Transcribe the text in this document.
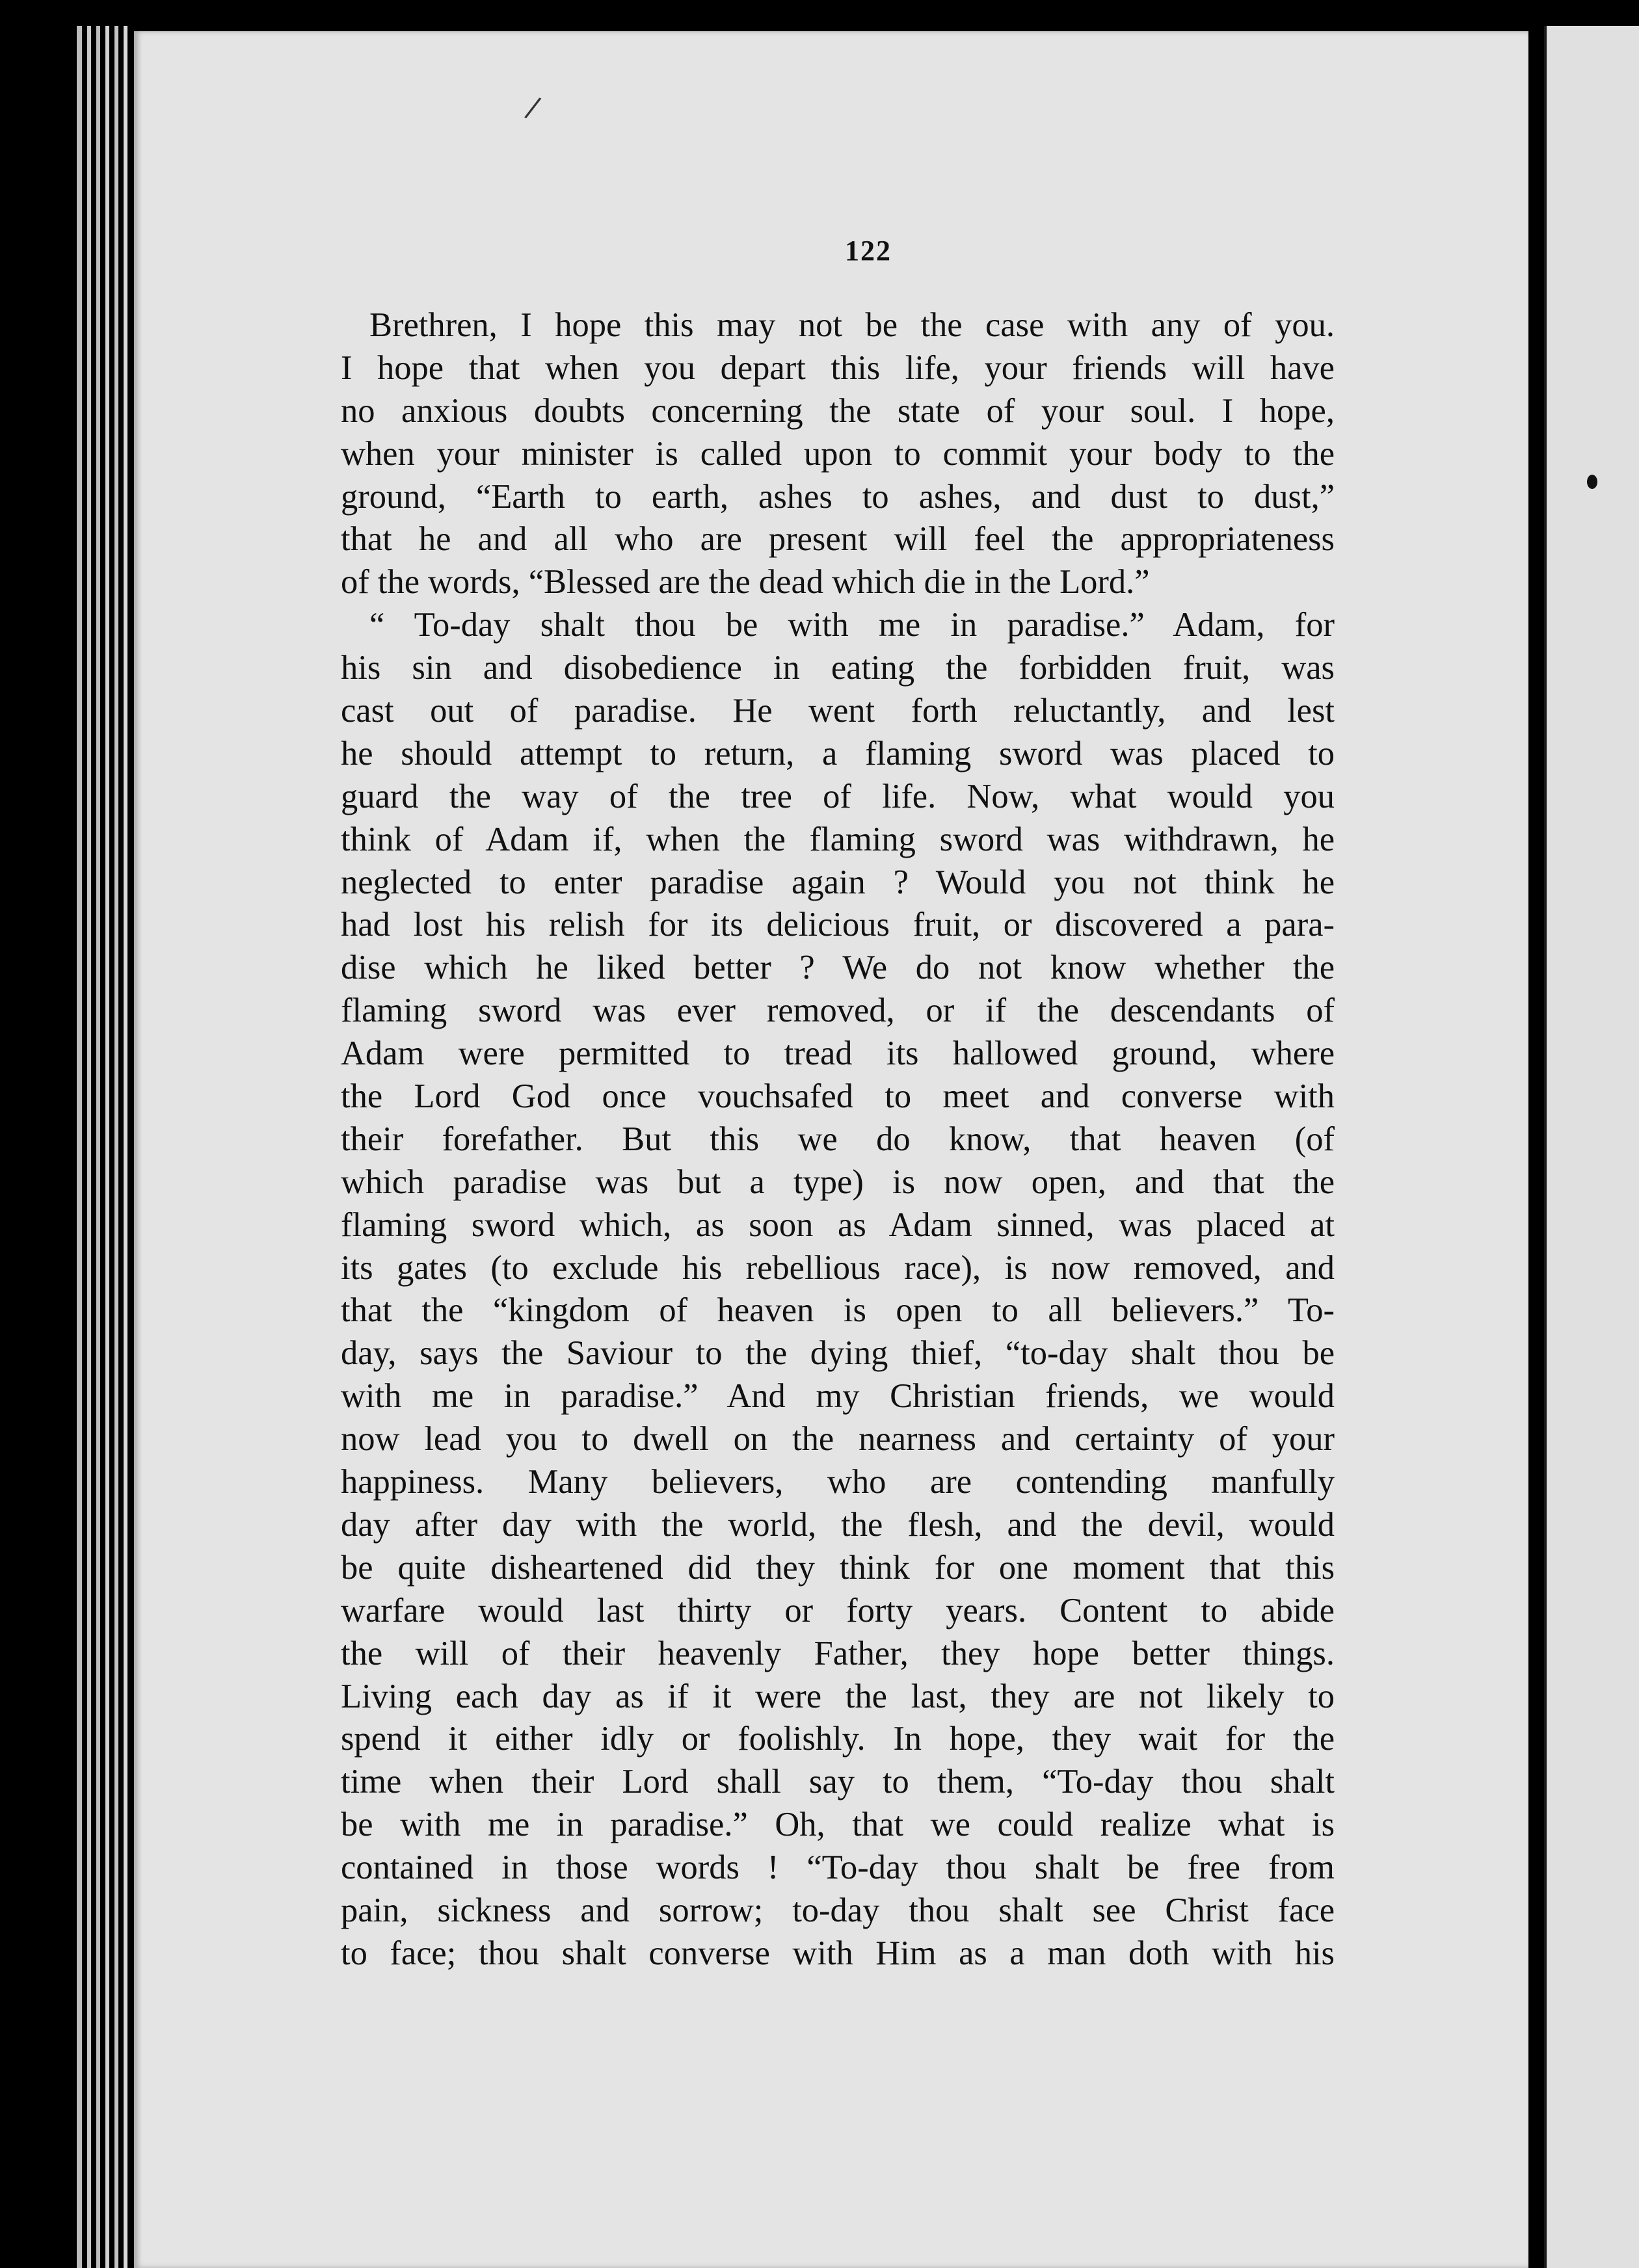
/
122
Brethren, I hope this may not be the case with any of you.
I hope that when you depart this life, your friends will have
no anxious doubts concerning the state of your soul. I hope,
when your minister is called upon to commit your body to the
ground, “Earth to earth, ashes to ashes, and dust to dust,”
that he and all who are present will feel the appropriateness
of the words, “Blessed are the dead which die in the Lord.”
“ To-day shalt thou be with me in paradise.” Adam, for
his sin and disobedience in eating the forbidden fruit, was
cast out of paradise. He went forth reluctantly, and lest
he should attempt to return, a flaming sword was placed to
guard the way of the tree of life. Now, what would you
think of Adam if, when the flaming sword was withdrawn, he
neglected to enter paradise again ? Would you not think he
had lost his relish for its delicious fruit, or discovered a para-
dise which he liked better ? We do not know whether the
flaming sword was ever removed, or if the descendants of
Adam were permitted to tread its hallowed ground, where
the Lord God once vouchsafed to meet and converse with
their forefather. But this we do know, that heaven (of
which paradise was but a type) is now open, and that the
flaming sword which, as soon as Adam sinned, was placed at
its gates (to exclude his rebellious race), is now removed, and
that the “kingdom of heaven is open to all believers.” To-
day, says the Saviour to the dying thief, “to-day shalt thou be
with me in paradise.” And my Christian friends, we would
now lead you to dwell on the nearness and certainty of your
happiness. Many believers, who are contending manfully
day after day with the world, the flesh, and the devil, would
be quite disheartened did they think for one moment that this
warfare would last thirty or forty years. Content to abide
the will of their heavenly Father, they hope better things.
Living each day as if it were the last, they are not likely to
spend it either idly or foolishly. In hope, they wait for the
time when their Lord shall say to them, “To-day thou shalt
be with me in paradise.” Oh, that we could realize what is
contained in those words ! “To-day thou shalt be free from
pain, sickness and sorrow; to-day thou shalt see Christ face
to face; thou shalt converse with Him as a man doth with his
